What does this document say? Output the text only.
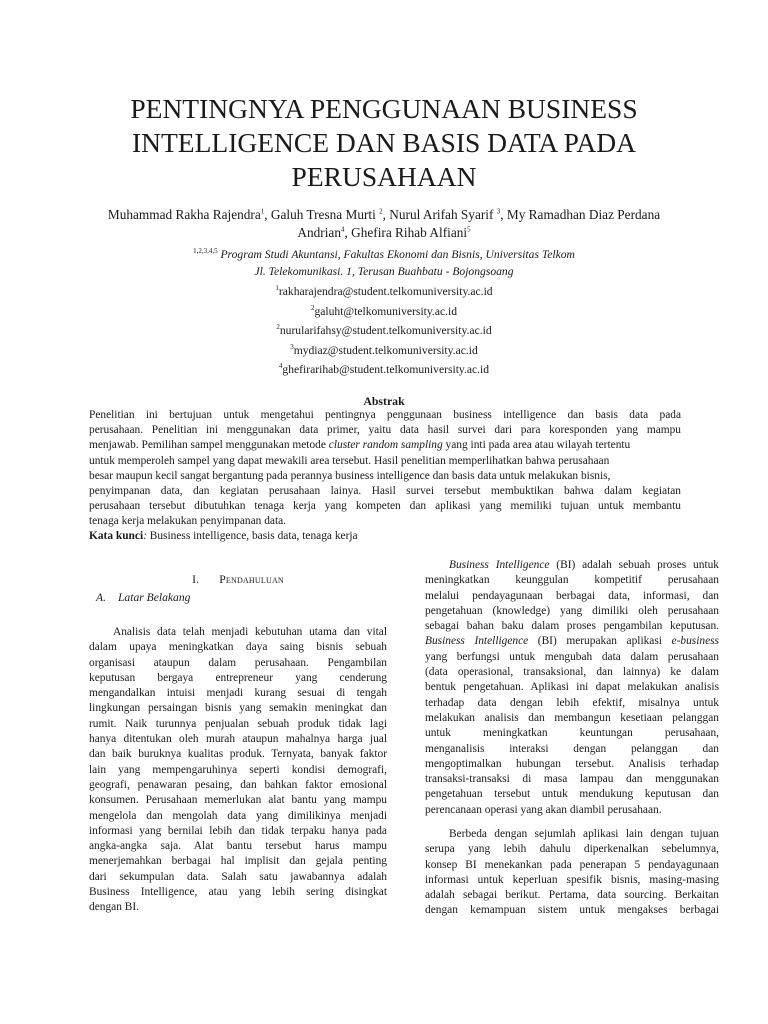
PENTINGNYA PENGGUNAAN BUSINESS
INTELLIGENCE DAN BASIS DATA PADA
PERUSAHAAN
Muhammad Rakha Rajendra$^1$, Galuh Tresna Murti $^2$, Nurul Arifah Syarif $^3$, My Ramadhan Diaz Perdana
Andrian$^4$, Ghefira Rihab Alfiani$^5$
$^{1,2,3,4,5}$ Program Studi Akuntansi, Fakultas Ekonomi dan Bisnis, Universitas Telkom
Jl. Telekomunikasi. 1, Terusan Buahbatu - Bojongsoang
$^1$rakharajendra@student.telkomuniversity.ac.id
$^2$galuht@telkomuniversity.ac.id
$^2$nurularifahsy@student.telkomuniversity.ac.id
$^3$mydiaz@student.telkomuniversity.ac.id
$^4$ghefirarihab@student.telkomuniversity.ac.id
Abstrak
Penelitian ini bertujuan untuk mengetahui pentingnya penggunaan business intelligence dan basis data pada
perusahaan. Penelitian ini menggunakan data primer, yaitu data hasil survei dari para koresponden yang mampu
menjawab. Pemilihan sampel menggunakan metode cluster random sampling yang inti pada area atau wilayah tertentu
untuk memperoleh sampel yang dapat mewakili area tersebut. Hasil penelitian memperlihatkan bahwa perusahaan
besar maupun kecil sangat bergantung pada perannya business intelligence dan basis data untuk melakukan bisnis,
penyimpanan data, dan kegiatan perusahaan lainya. Hasil survei tersebut membuktikan bahwa dalam kegiatan
perusahaan tersebut dibutuhkan tenaga kerja yang kompeten dan aplikasi yang memiliki tujuan untuk membantu
tenaga kerja melakukan penyimpanan data.
Kata kunci: Business intelligence, basis data, tenaga kerja
I. Pendahuluan
A. Latar Belakang
Analisis data telah menjadi kebutuhan utama dan vital
dalam upaya meningkatkan daya saing bisnis sebuah
organisasi ataupun dalam perusahaan. Pengambilan
keputusan bergaya entrepreneur yang cenderung
mengandalkan intuisi menjadi kurang sesuai di tengah
lingkungan persaingan bisnis yang semakin meningkat dan
rumit. Naik turunnya penjualan sebuah produk tidak lagi
hanya ditentukan oleh murah ataupun mahalnya harga jual
dan baik buruknya kualitas produk. Ternyata, banyak faktor
lain yang mempengaruhinya seperti kondisi demografi,
geografi, penawaran pesaing, dan bahkan faktor emosional
konsumen. Perusahaan memerlukan alat bantu yang mampu
mengelola dan mengolah data yang dimilikinya menjadi
informasi yang bernilai lebih dan tidak terpaku hanya pada
angka-angka saja. Alat bantu tersebut harus mampu
menerjemahkan berbagai hal implisit dan gejala penting
dari sekumpulan data. Salah satu jawabannya adalah
Business Intelligence, atau yang lebih sering disingkat
dengan BI.
Business Intelligence (BI) adalah sebuah proses untuk
meningkatkan keunggulan kompetitif perusahaan
melalui pendayagunaan berbagai data, informasi, dan
pengetahuan (knowledge) yang dimiliki oleh perusahaan
sebagai bahan baku dalam proses pengambilan keputusan.
Business Intelligence (BI) merupakan aplikasi e-business
yang berfungsi untuk mengubah data dalam perusahaan
(data operasional, transaksional, dan lainnya) ke dalam
bentuk pengetahuan. Aplikasi ini dapat melakukan analisis
terhadap data dengan lebih efektif, misalnya untuk
melakukan analisis dan membangun kesetiaan pelanggan
untuk meningkatkan keuntungan perusahaan,
menganalisis interaksi dengan pelanggan dan
mengoptimalkan hubungan tersebut. Analisis terhadap
transaksi-transaksi di masa lampau dan menggunakan
pengetahuan tersebut untuk mendukung keputusan dan
perencanaan operasi yang akan diambil perusahaan.
Berbeda dengan sejumlah aplikasi lain dengan tujuan
serupa yang lebih dahulu diperkenalkan sebelumnya,
konsep BI menekankan pada penerapan 5 pendayagunaan
informasi untuk keperluan spesifik bisnis, masing-masing
adalah sebagai berikut. Pertama, data sourcing. Berkaitan
dengan kemampuan sistem untuk mengakses berbagai
